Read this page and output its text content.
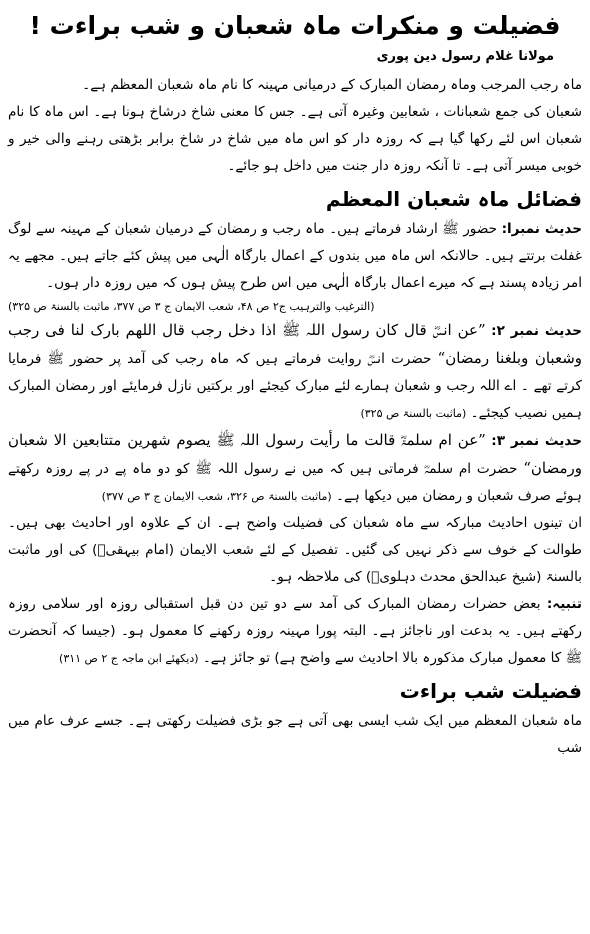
فضیلت و منکرات ماہ شعبان و شب براءت !
مولانا غلام رسول دین پوری

ماہ رجب المرجب وماہ رمضان المبارک کے درمیانی مہینہ کا نام ماہ شعبان المعظم ہے۔

شعبان کی جمع شعبانات ، شعابین وغیرہ آتی ہے۔ جس کا معنی شاخ درشاخ ہونا ہے۔ اس ماہ کا نام شعبان اس لئے رکھا گیا ہے کہ روزہ دار کو اس ماہ میں شاخ در شاخ برابر بڑھتی رہنے والی خیر و خوبی میسر آتی ہے۔ تا آنکہ روزہ دار جنت میں داخل ہو جائے۔

فضائل ماہ شعبان المعظم

حدیث نمبرا: حضور ﷺ ارشاد فرماتے ہیں۔ ماہ رجب و رمضان کے درمیان شعبان کے مہینہ سے لوگ غفلت برتتے ہیں۔ حالانکہ اس ماہ میں بندوں کے اعمال بارگاہ الٰہی میں پیش کئے جاتے ہیں۔ مجھے یہ امر زیادہ پسند ہے کہ میرے اعمال بارگاہ الٰہی میں اس طرح پیش ہوں کہ میں روزہ دار ہوں۔
(الترغیب والترہیب ج۲ ص ۴۸، شعب الایمان ج ۳ ص ۳۷۷، ماثبت بالسنۃ ص ۳۲۵)

حدیث نمبر ۲: ”عن انسؓ قال کان رسول اللہ ﷺ اذا دخل رجب قال اللھم بارک لنا فی رجب وشعبان وبلغنا رمضان“ حضرت انسؓ روایت فرماتے ہیں کہ ماہ رجب کی آمد پر حضور ﷺ فرمایا کرتے تھے ۔ اے اللہ رجب و شعبان ہمارے لئے مبارک کیجئے اور برکتیں نازل فرمایئے اور رمضان المبارک ہمیں نصیب کیجئے۔ (ماثبت بالسنۃ ص ۳۲۵)

حدیث نمبر ۳: ”عن ام سلمۃؓ قالت ما رأیت رسول اللہ ﷺ یصوم شھرین متتابعین الا شعبان ورمضان“ حضرت ام سلمہؓ فرماتی ہیں کہ میں نے رسول اللہ ﷺ کو دو ماہ پے در پے روزہ رکھتے ہوئے صرف شعبان و رمضان میں دیکھا ہے۔ (ماثبت بالسنۃ ص ۳۲۶، شعب الایمان ج ۳ ص ۳۷۷)

ان تینوں احادیث مبارکہ سے ماہ شعبان کی فضیلت واضح ہے۔ ان کے علاوہ اور احادیث بھی ہیں۔ طوالت کے خوف سے ذکر نہیں کی گئیں۔ تفصیل کے لئے شعب الایمان (امام بیہقیؒ) کی اور ماثبت بالسنۃ (شیخ عبدالحق محدث دہلویؒ) کی ملاحظہ ہو۔

تنبیہ: بعض حضرات رمضان المبارک کی آمد سے دو تین دن قبل استقبالی روزہ اور سلامی روزہ رکھتے ہیں۔ یہ بدعت اور ناجائز ہے۔ البتہ پورا مہینہ روزہ رکھنے کا معمول ہو۔ (جیسا کہ آنحضرت ﷺ کا معمول مبارک مذکورہ بالا احادیث سے واضح ہے) تو جائز ہے۔ (دیکھئے ابن ماجہ ج ۲ ص ۳۱۱)

فضیلت شب براءت

ماہ شعبان المعظم میں ایک شب ایسی بھی آتی ہے جو بڑی فضیلت رکھتی ہے۔ جسے عرف عام میں شب
